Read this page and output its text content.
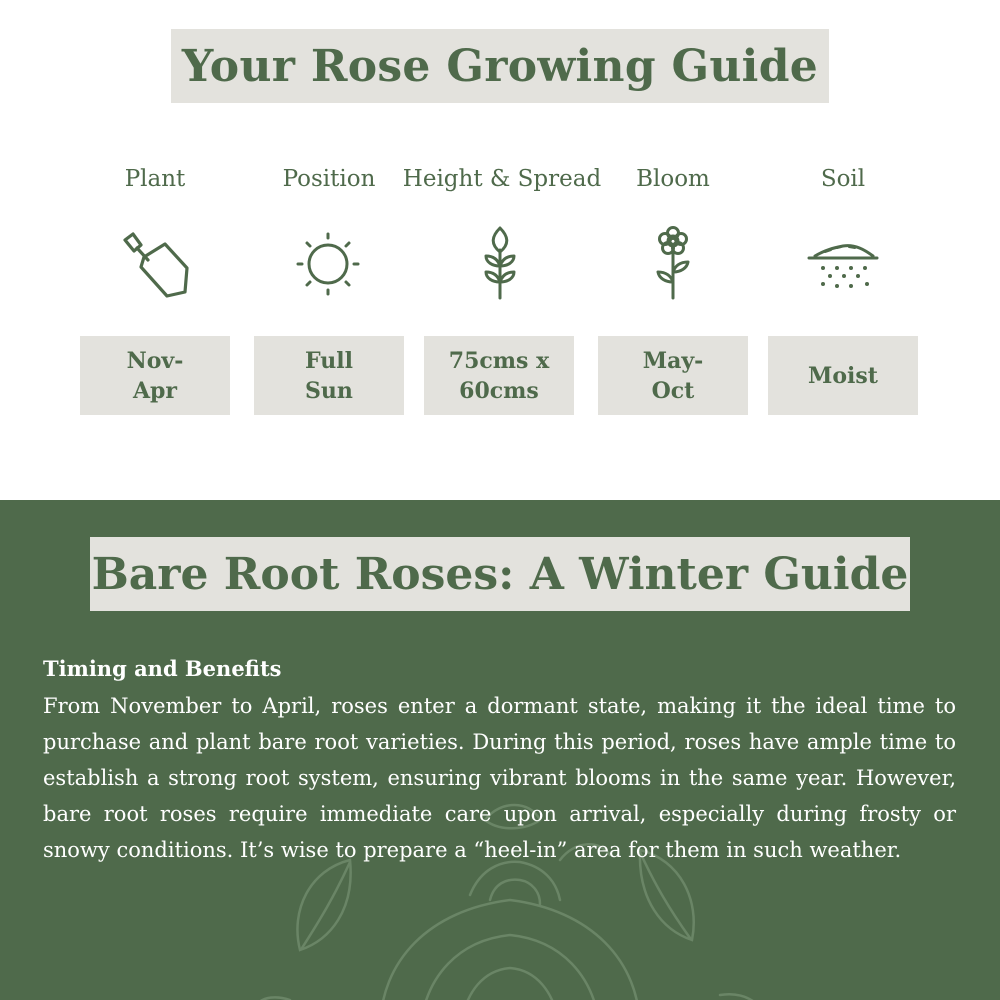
Your Rose Growing Guide
Plant
Nov-
Apr
Position
Full
Sun
Height & Spread
75cms x
60cms
Bloom
May-
Oct
Soil
Moist
Bare Root Roses: A Winter Guide
Timing and Benefits
From November to April, roses enter a dormant state, making it the ideal time to purchase and plant bare root varieties. During this period, roses have ample time to establish a strong root system, ensuring vibrant blooms in the same year. However, bare root roses require immediate care upon arrival, especially during frosty or snowy conditions. It’s wise to prepare a “heel-in” area for them in such weather.
